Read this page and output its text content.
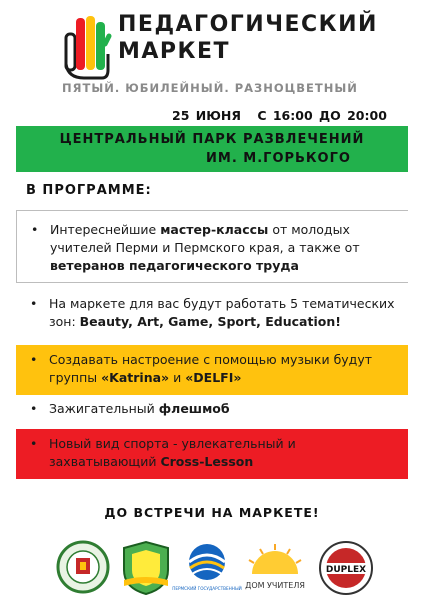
ПЕДАГОГИЧЕСКИЙ
МАРКЕТ
ПЯТЫЙ. ЮБИЛЕЙНЫЙ. РАЗНОЦВЕТНЫЙ
25 ИЮНЯ С 16:00 ДО 20:00
ЦЕНТРАЛЬНЫЙ ПАРК РАЗВЛЕЧЕНИЙ
ИМ. М.ГОРЬКОГО
В ПРОГРАММЕ:
• Интереснейшие мастер-классы от молодых учителей Перми и Пермского края, а также от ветеранов педагогического труда
• На маркете для вас будут работать 5 тематических зон: Beauty, Art, Game, Sport, Education!
• Создавать настроение с помощью музыки будут группы «Katrina» и «DELFI»
• Зажигательный флешмоб
• Новый вид спорта - увлекательный и захватывающий Cross-Lesson
ДО ВСТРЕЧИ НА МАРКЕТЕ!
ПЕРМСКИЙ ГОСУДАРСТВЕННЫЙ ДОМ УЧИТЕЛЯ
DUPLEX
